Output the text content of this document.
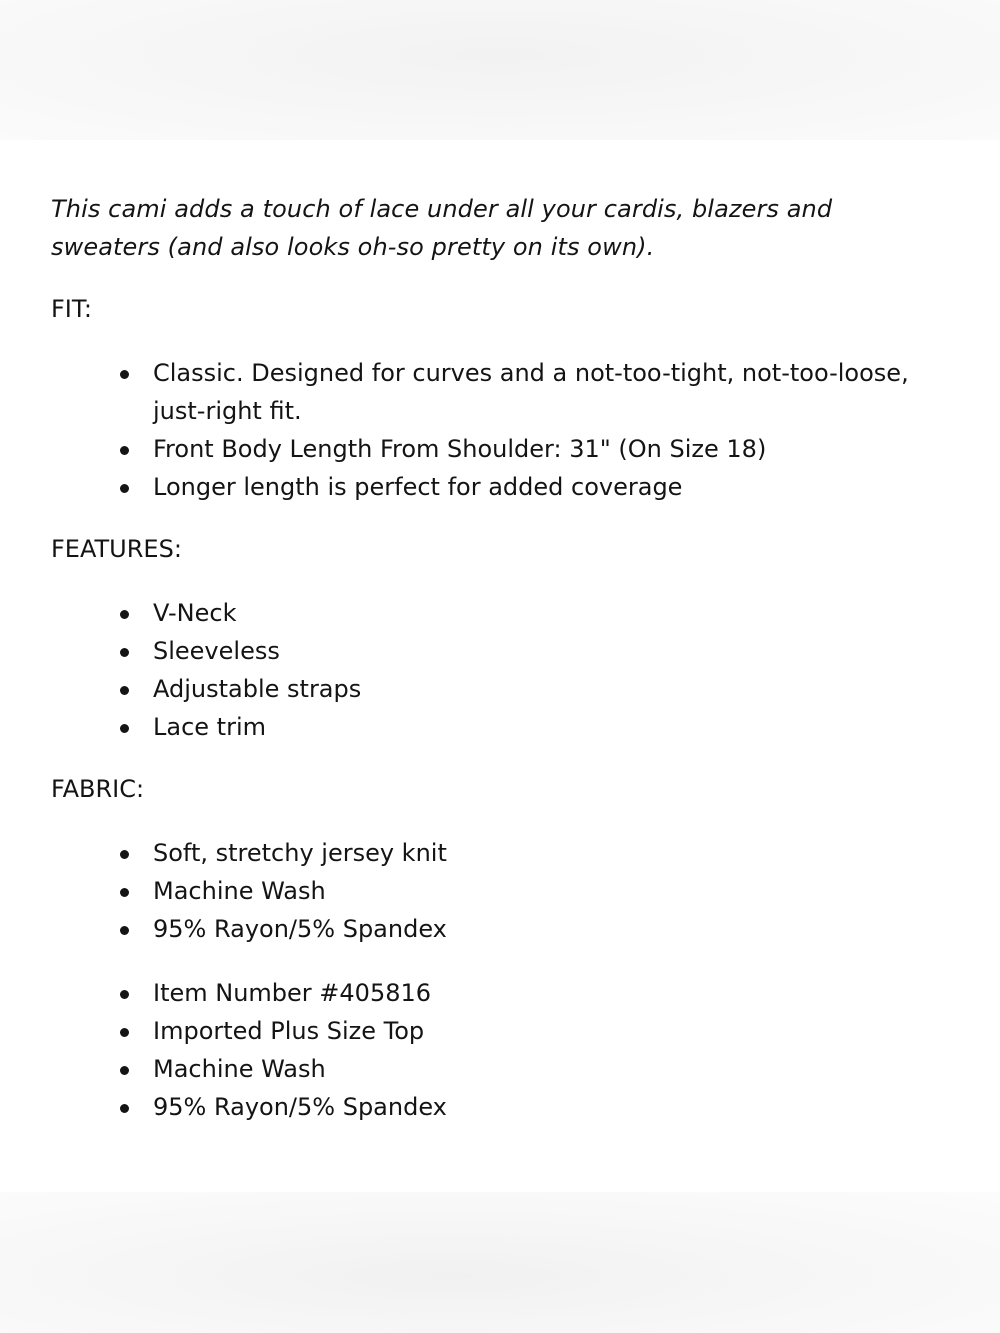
This cami adds a touch of lace under all your cardis, blazers and sweaters (and also looks oh-so pretty on its own).

FIT:
Classic. Designed for curves and a not-too-tight, not-too-loose, just-right fit.
Front Body Length From Shoulder: 31" (On Size 18)
Longer length is perfect for added coverage
FEATURES:
V-Neck
Sleeveless
Adjustable straps
Lace trim
FABRIC:
Soft, stretchy jersey knit
Machine Wash
95% Rayon/5% Spandex
Item Number #405816
Imported Plus Size Top
Machine Wash
95% Rayon/5% Spandex
